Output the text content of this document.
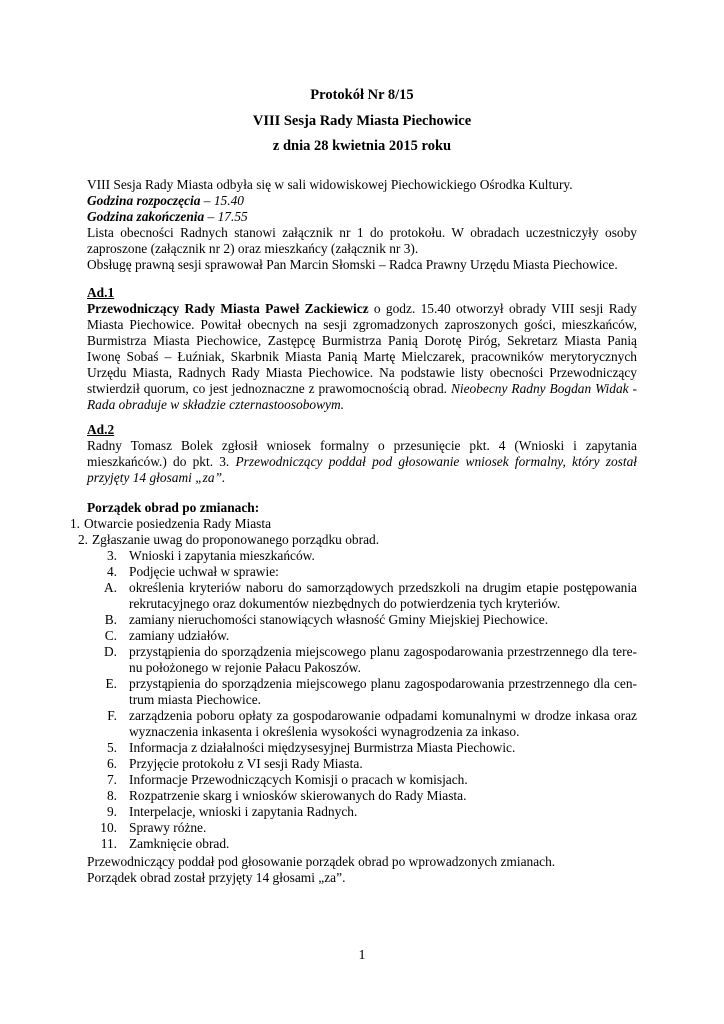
Protokół Nr 8/15
VIII Sesja Rady Miasta Piechowice
z dnia 28 kwietnia 2015 roku
VIII Sesja Rady Miasta odbyła się w sali widowiskowej Piechowickiego Ośrodka Kultury.
Godzina rozpoczęcia – 15.40
Godzina zakończenia – 17.55
Lista obecności Radnych stanowi załącznik nr 1 do protokołu. W obradach uczestniczyły osoby
zaproszone (załącznik nr 2) oraz mieszkańcy (załącznik nr 3).
Obsługę prawną sesji sprawował Pan Marcin Słomski – Radca Prawny Urzędu Miasta Piechowice.
Ad.1
Przewodniczący Rady Miasta Paweł Zackiewicz o godz. 15.40 otworzył obrady VIII sesji Rady
Miasta Piechowice. Powitał obecnych na sesji zgromadzonych zaproszonych gości, mieszkańców,
Burmistrza Miasta Piechowice, Zastępcę Burmistrza Panią Dorotę Piróg, Sekretarz Miasta Panią
Iwonę Sobaś – Łuźniak, Skarbnik Miasta Panią Martę Mielczarek, pracowników merytorycznych
Urzędu Miasta, Radnych Rady Miasta Piechowice. Na podstawie listy obecności Przewodniczący
stwierdził quorum, co jest jednoznaczne z prawomocnością obrad. Nieobecny Radny Bogdan Widak -
Rada obraduje w składzie czternastoosobowym.
Ad.2
Radny Tomasz Bolek zgłosił wniosek formalny o przesunięcie pkt. 4 (Wnioski i zapytania
mieszkańców.) do pkt. 3. Przewodniczący poddał pod głosowanie wniosek formalny, który został
przyjęty 14 głosami „za”.
Porządek obrad po zmianach:
1. Otwarcie posiedzenia Rady Miasta
2. Zgłaszanie uwag do proponowanego porządku obrad.
3. Wnioski i zapytania mieszkańców.
4. Podjęcie uchwał w sprawie:
A. określenia kryteriów naboru do samorządowych przedszkoli na drugim etapie postępowania
rekrutacyjnego oraz dokumentów niezbędnych do potwierdzenia tych kryteriów.
B. zamiany nieruchomości stanowiących własność Gminy Miejskiej Piechowice.
C. zamiany udziałów.
D. przystąpienia do sporządzenia miejscowego planu zagospodarowania przestrzennego dla tere-
nu położonego w rejonie Pałacu Pakoszów.
E. przystąpienia do sporządzenia miejscowego planu zagospodarowania przestrzennego dla cen-
trum miasta Piechowice.
F. zarządzenia poboru opłaty za gospodarowanie odpadami komunalnymi w drodze inkasa oraz
wyznaczenia inkasenta i określenia wysokości wynagrodzenia za inkaso.
5. Informacja z działalności międzysesyjnej Burmistrza Miasta Piechowic.
6. Przyjęcie protokołu z VI sesji Rady Miasta.
7. Informacje Przewodniczących Komisji o pracach w komisjach.
8. Rozpatrzenie skarg i wniosków skierowanych do Rady Miasta.
9. Interpelacje, wnioski i zapytania Radnych.
10. Sprawy różne.
11. Zamknięcie obrad.
Przewodniczący poddał pod głosowanie porządek obrad po wprowadzonych zmianach.
Porządek obrad został przyjęty 14 głosami „za”.
1
